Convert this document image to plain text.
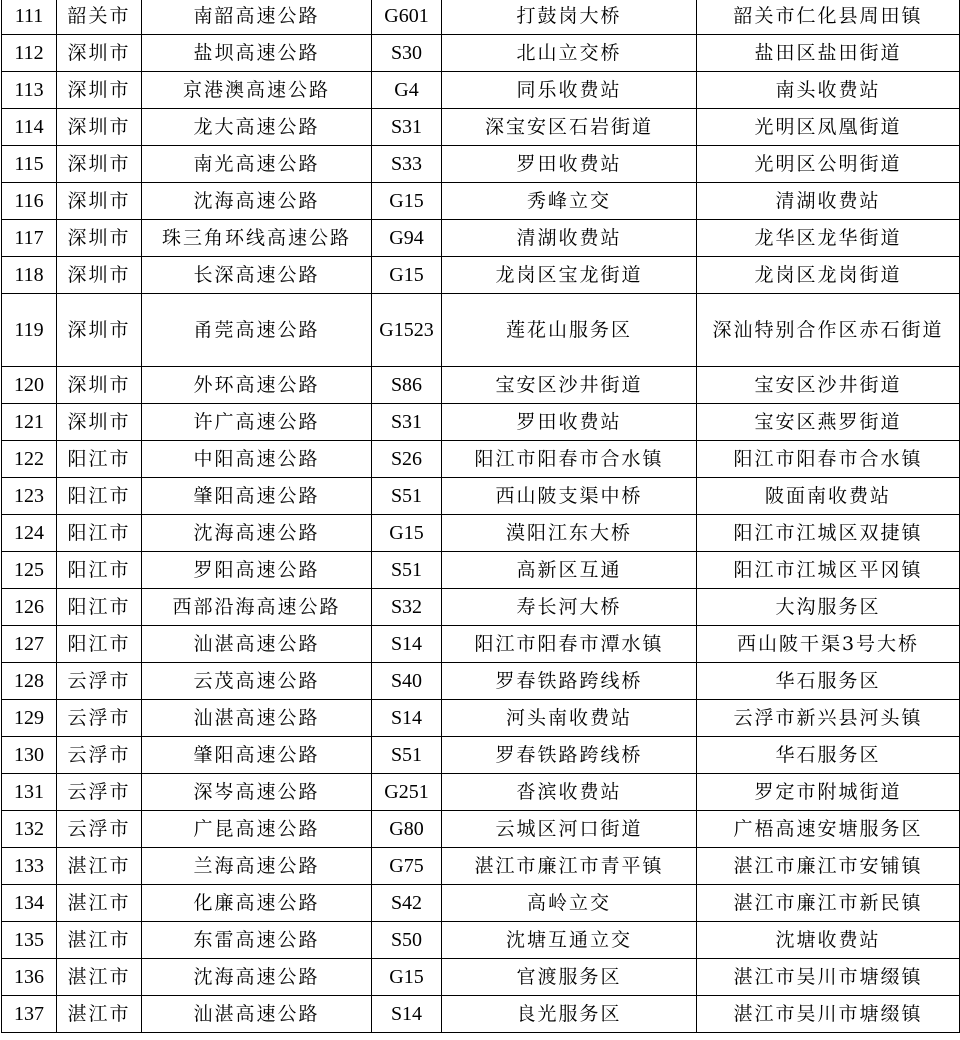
111	韶关市	南韶高速公路	G601	打鼓岗大桥	韶关市仁化县周田镇
112	深圳市	盐坝高速公路	S30	北山立交桥	盐田区盐田街道
113	深圳市	京港澳高速公路	G4	同乐收费站	南头收费站
114	深圳市	龙大高速公路	S31	深宝安区石岩街道	光明区凤凰街道
115	深圳市	南光高速公路	S33	罗田收费站	光明区公明街道
116	深圳市	沈海高速公路	G15	秀峰立交	清湖收费站
117	深圳市	珠三角环线高速公路	G94	清湖收费站	龙华区龙华街道
118	深圳市	长深高速公路	G15	龙岗区宝龙街道	龙岗区龙岗街道
119	深圳市	甬莞高速公路	G1523	莲花山服务区	深汕特别合作区赤石街道
120	深圳市	外环高速公路	S86	宝安区沙井街道	宝安区沙井街道
121	深圳市	许广高速公路	S31	罗田收费站	宝安区燕罗街道
122	阳江市	中阳高速公路	S26	阳江市阳春市合水镇	阳江市阳春市合水镇
123	阳江市	肇阳高速公路	S51	西山陂支渠中桥	陂面南收费站
124	阳江市	沈海高速公路	G15	漠阳江东大桥	阳江市江城区双捷镇
125	阳江市	罗阳高速公路	S51	高新区互通	阳江市江城区平冈镇
126	阳江市	西部沿海高速公路	S32	寿长河大桥	大沟服务区
127	阳江市	汕湛高速公路	S14	阳江市阳春市潭水镇	西山陂干渠3号大桥
128	云浮市	云茂高速公路	S40	罗春铁路跨线桥	华石服务区
129	云浮市	汕湛高速公路	S14	河头南收费站	云浮市新兴县河头镇
130	云浮市	肇阳高速公路	S51	罗春铁路跨线桥	华石服务区
131	云浮市	深岑高速公路	G251	沓滨收费站	罗定市附城街道
132	云浮市	广昆高速公路	G80	云城区河口街道	广梧高速安塘服务区
133	湛江市	兰海高速公路	G75	湛江市廉江市青平镇	湛江市廉江市安铺镇
134	湛江市	化廉高速公路	S42	高岭立交	湛江市廉江市新民镇
135	湛江市	东雷高速公路	S50	沈塘互通立交	沈塘收费站
136	湛江市	沈海高速公路	G15	官渡服务区	湛江市吴川市塘缀镇
137	湛江市	汕湛高速公路	S14	良光服务区	湛江市吴川市塘缀镇
